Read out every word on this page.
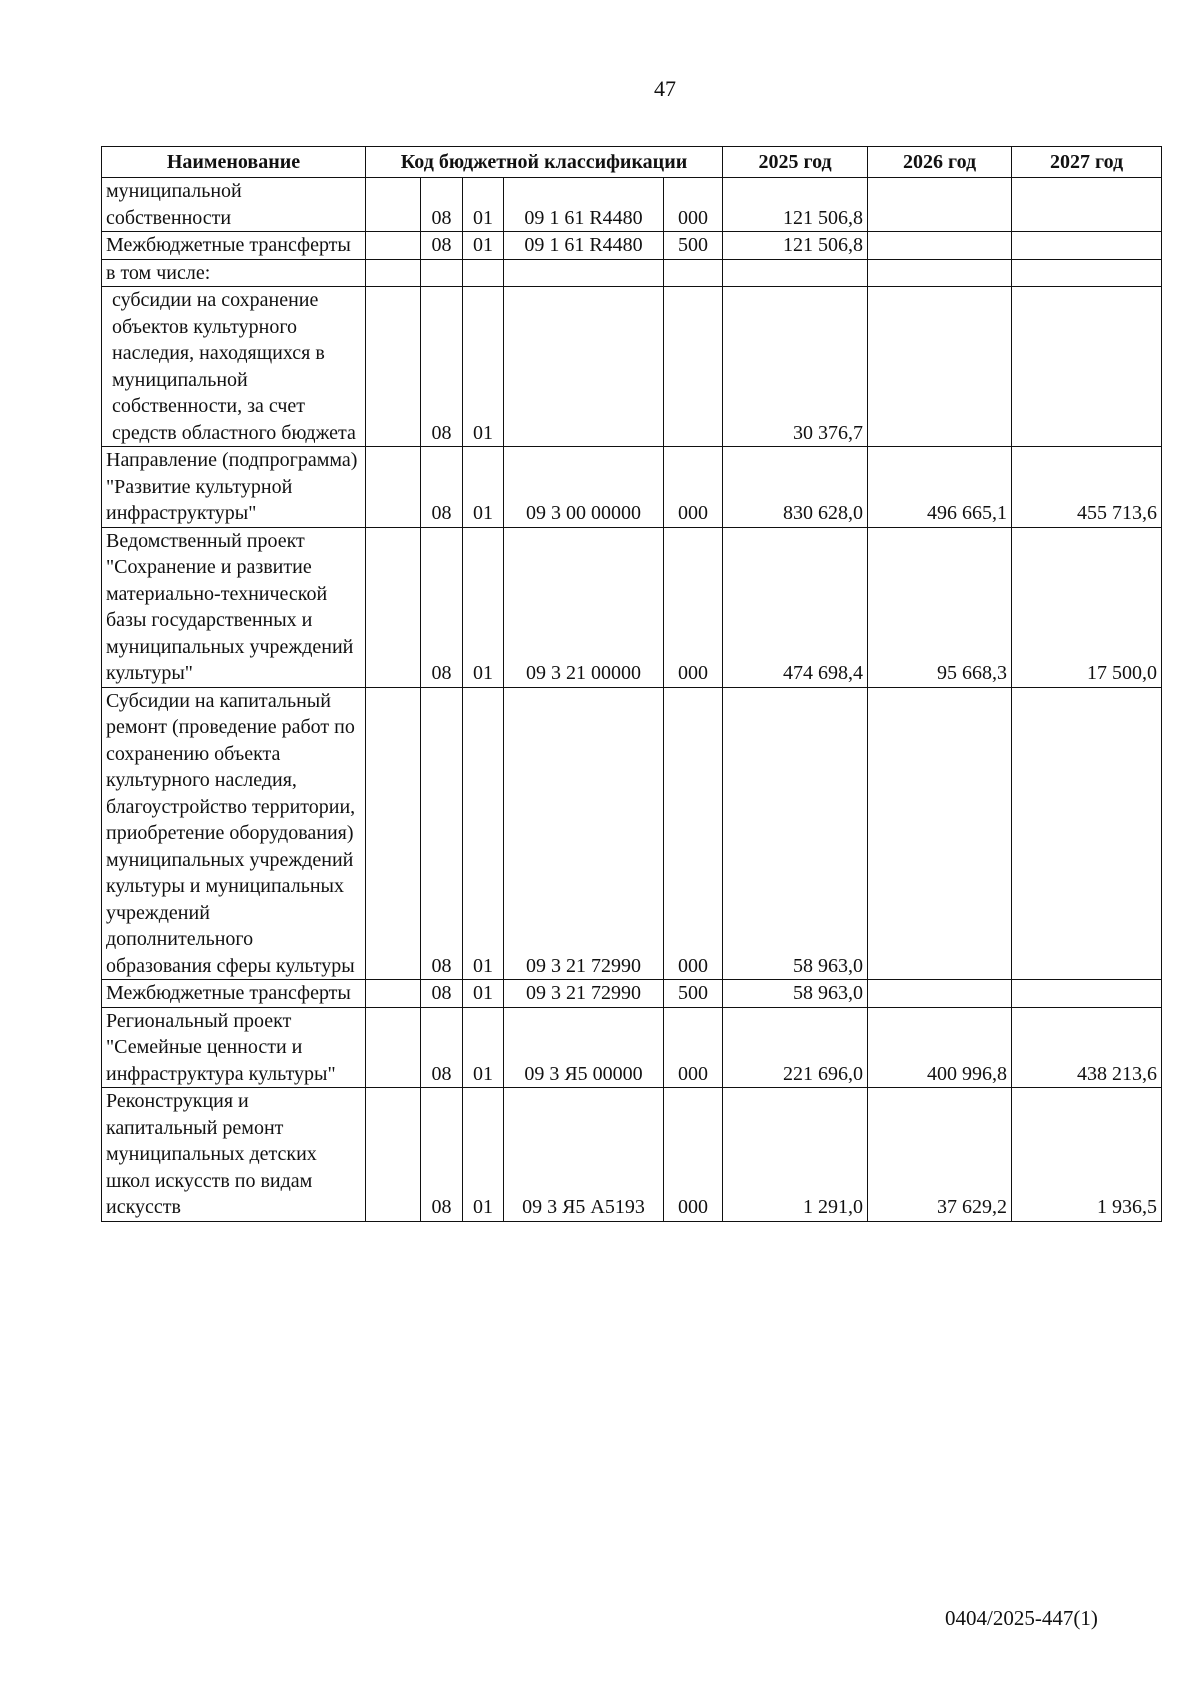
47
Наименование	Код бюджетной классификации					2025 год	2026 год	2027 год
муниципальной собственности		08	01	09 1 61 R4480	000	121 506,8		
Межбюджетные трансферты		08	01	09 1 61 R4480	500	121 506,8		
в том числе:								
субсидии на сохранение объектов культурного наследия, находящихся в муниципальной собственности, за счет средств областного бюджета		08	01			30 376,7		
Направление (подпрограмма) "Развитие культурной инфраструктуры"		08	01	09 3 00 00000	000	830 628,0	496 665,1	455 713,6
Ведомственный проект "Сохранение и развитие материально-технической базы государственных и муниципальных учреждений культуры"		08	01	09 3 21 00000	000	474 698,4	95 668,3	17 500,0
Субсидии на капитальный ремонт (проведение работ по сохранению объекта культурного наследия, благоустройство территории, приобретение оборудования) муниципальных учреждений культуры и муниципальных учреждений дополнительного образования сферы культуры		08	01	09 3 21 72990	000	58 963,0		
Межбюджетные трансферты		08	01	09 3 21 72990	500	58 963,0		
Региональный проект "Семейные ценности и инфраструктура культуры"		08	01	09 3 Я5 00000	000	221 696,0	400 996,8	438 213,6
Реконструкция и капитальный ремонт муниципальных детских школ искусств по видам искусств		08	01	09 3 Я5 А5193	000	1 291,0	37 629,2	1 936,5
0404/2025-447(1)
